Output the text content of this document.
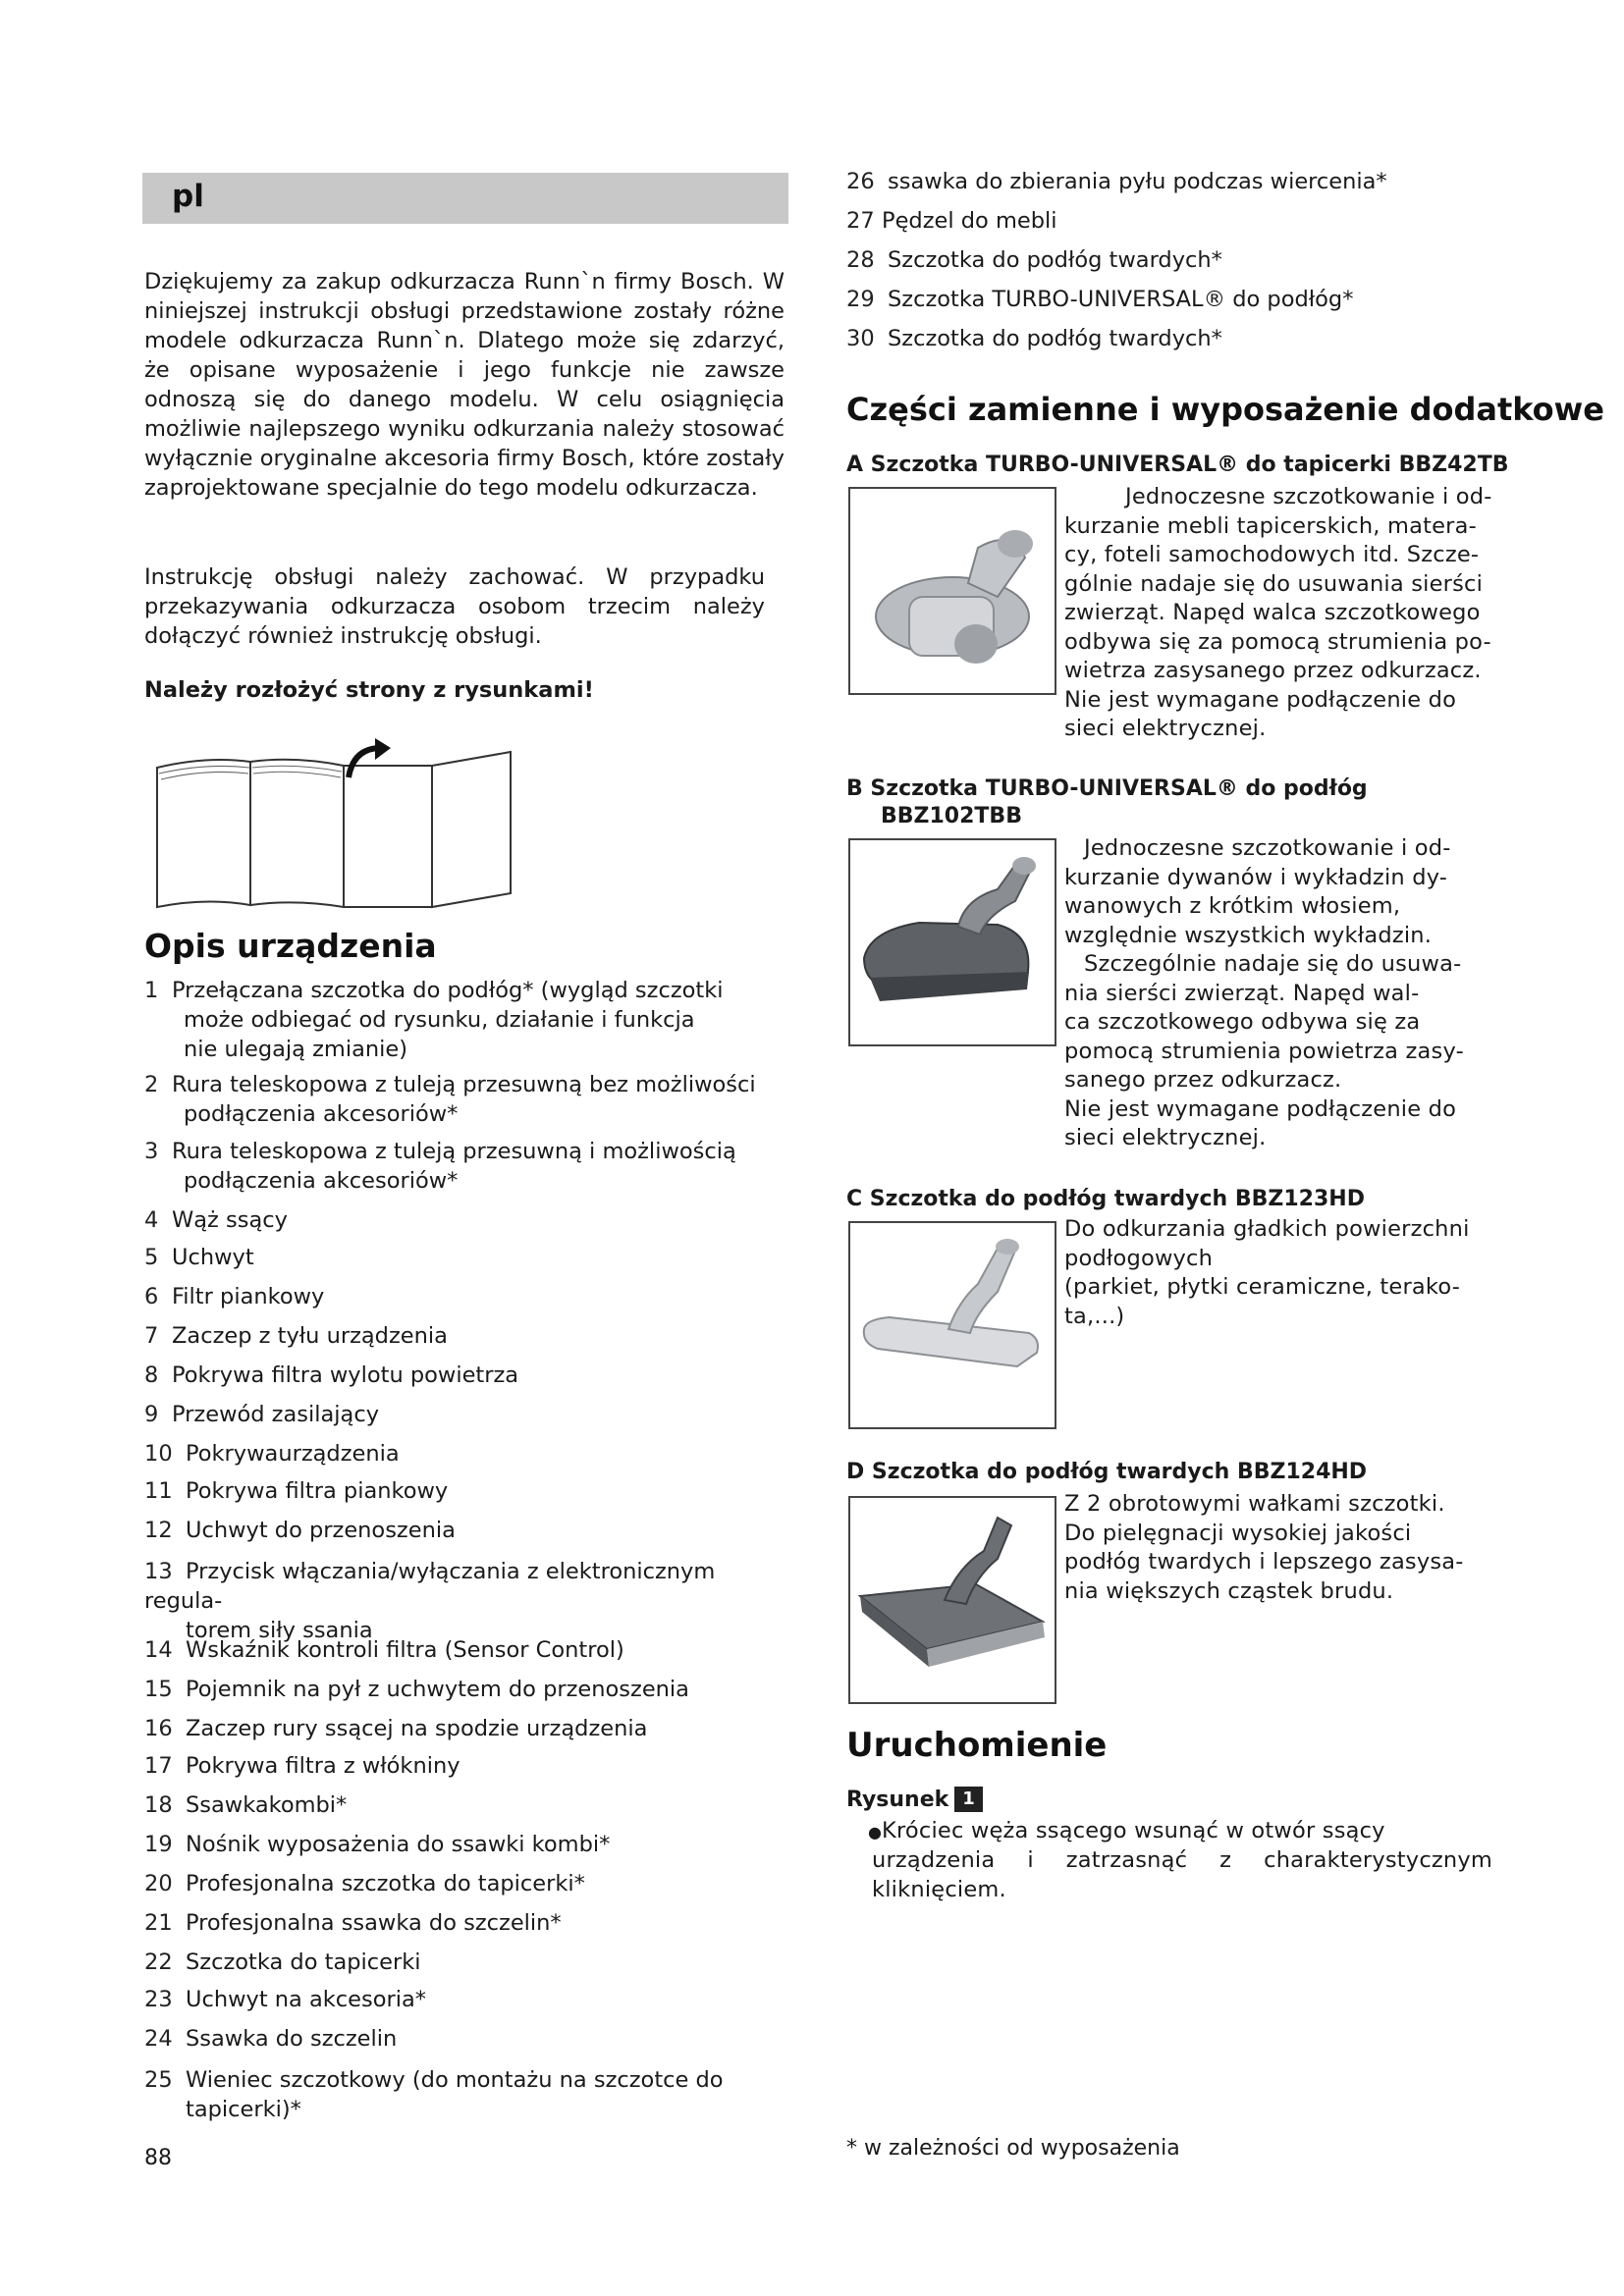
pl
Dziękujemy za zakup odkurzacza Runn`n firmy Bosch. W niniejszej instrukcji obsługi przedstawione zostały różne modele odkurzacza Runn`n. Dlatego może się zdarzyć, że opisane wyposażenie i jego funkcje nie zawsze odnoszą się do danego modelu. W celu osiągnięcia możliwie najlepszego wyniku odkurzania należy stosować wyłącznie oryginalne akcesoria firmy Bosch, które zostały zaprojektowane specjalnie do tego modelu odkurzacza.
Instrukcję obsługi należy zachować. W przypadku przekazywania odkurzacza osobom trzecim należy dołączyć również instrukcję obsługi.
Należy rozłożyć strony z rysunkami!
Opis urządzenia
1 Przełączana szczotka do podłóg* (wygląd szczotki
może odbiegać od rysunku, działanie i funkcja nie ulegają zmianie)
2 Rura teleskopowa z tuleją przesuwną bez możliwości
podłączenia akcesoriów*
3 Rura teleskopowa z tuleją przesuwną i możliwością
podłączenia akcesoriów*
4 Wąż ssący
5 Uchwyt
6 Filtr piankowy
7 Zaczep z tyłu urządzenia
8 Pokrywa filtra wylotu powietrza
9 Przewód zasilający
10 Pokrywaurządzenia
11 Pokrywa filtra piankowy
12 Uchwyt do przenoszenia
13 Przycisk włączania/wyłączania z elektronicznym regula-
torem siły ssania
14 Wskaźnik kontroli filtra (Sensor Control)
15 Pojemnik na pył z uchwytem do przenoszenia
16 Zaczep rury ssącej na spodzie urządzenia
17 Pokrywa filtra z włókniny
18 Ssawkakombi*
19 Nośnik wyposażenia do ssawki kombi*
20 Profesjonalna szczotka do tapicerki*
21 Profesjonalna ssawka do szczelin*
22 Szczotka do tapicerki
23 Uchwyt na akcesoria*
24 Ssawka do szczelin
25 Wieniec szczotkowy (do montażu na szczotce do
tapicerki)*
88
26 ssawka do zbierania pyłu podczas wiercenia*
27 Pędzel do mebli
28 Szczotka do podłóg twardych*
29 Szczotka TURBO-UNIVERSAL® do podłóg*
30 Szczotka do podłóg twardych*
Części zamienne i wyposażenie dodatkowe
A Szczotka TURBO-UNIVERSAL® do tapicerki BBZ42TB
Jednoczesne szczotkowanie i od-
kurzanie mebli tapicerskich, matera-
cy, foteli samochodowych itd. Szcze-
gólnie nadaje się do usuwania sierści
zwierząt. Napęd walca szczotkowego
odbywa się za pomocą strumienia po-
wietrza zasysanego przez odkurzacz.
Nie jest wymagane podłączenie do
sieci elektrycznej.
B Szczotka TURBO-UNIVERSAL® do podłóg
BBZ102TBB
Jednoczesne szczotkowanie i od-
kurzanie dywanów i wykładzin dy-
wanowych z krótkim włosiem,
względnie wszystkich wykładzin.
Szczególnie nadaje się do usuwa-
nia sierści zwierząt. Napęd wal-
ca szczotkowego odbywa się za
pomocą strumienia powietrza zasy-
sanego przez odkurzacz.
Nie jest wymagane podłączenie do
sieci elektrycznej.
C Szczotka do podłóg twardych BBZ123HD
Do odkurzania gładkich powierzchni
podłogowych
(parkiet, płytki ceramiczne, terako-
ta,...)
D Szczotka do podłóg twardych BBZ124HD
Z 2 obrotowymi wałkami szczotki.
Do pielęgnacji wysokiej jakości
podłóg twardych i lepszego zasysa-
nia większych cząstek brudu.
Uruchomienie
Rysunek 1
● Króciec węża ssącego wsunąć w otwór ssący
urządzenia i zatrzasnąć z charakterystycznym
kliknięciem.
* w zależności od wyposażenia
